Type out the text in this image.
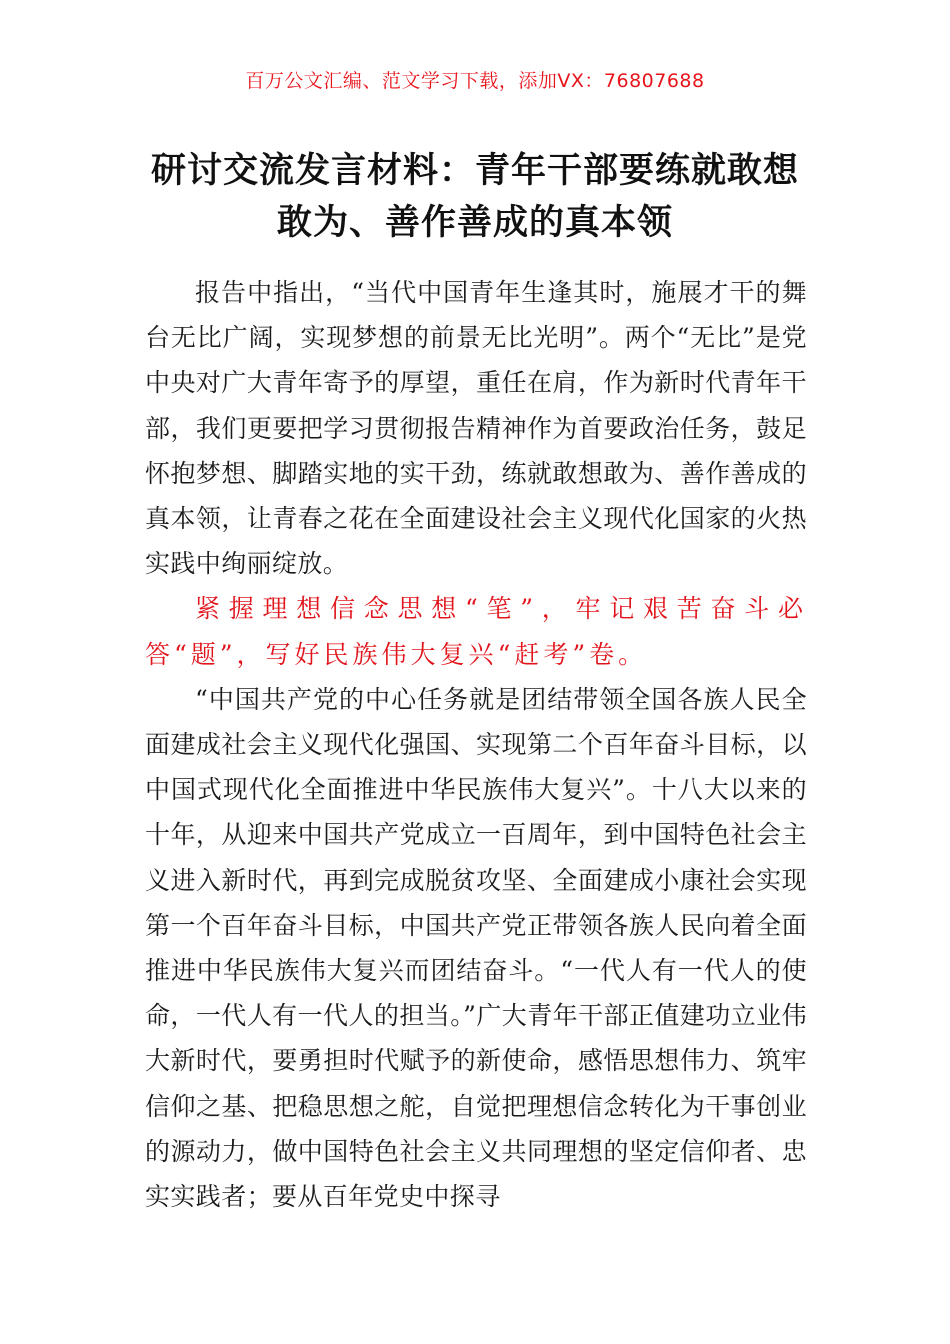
百万公文汇编、范文学习下载，添加VX：76807688
研讨交流发言材料：青年干部要练就敢想
敢为、善作善成的真本领

报告中指出，“当代中国青年生逢其时，施展才干的舞台无比广阔，实现梦想的前景无比光明”。两个“无比”是党中央对广大青年寄予的厚望，重任在肩，作为新时代青年干部，我们更要把学习贯彻报告精神作为首要政治任务，鼓足怀抱梦想、脚踏实地的实干劲，练就敢想敢为、善作善成的真本领，让青春之花在全面建设社会主义现代化国家的火热实践中绚丽绽放。

紧握理想信念思想“笔”，牢记艰苦奋斗必答“题”，写好民族伟大复兴“赶考”卷。

“中国共产党的中心任务就是团结带领全国各族人民全面建成社会主义现代化强国、实现第二个百年奋斗目标，以中国式现代化全面推进中华民族伟大复兴”。十八大以来的十年，从迎来中国共产党成立一百周年，到中国特色社会主义进入新时代，再到完成脱贫攻坚、全面建成小康社会实现第一个百年奋斗目标，中国共产党正带领各族人民向着全面推进中华民族伟大复兴而团结奋斗。“一代人有一代人的使命，一代人有一代人的担当。”广大青年干部正值建功立业伟大新时代，要勇担时代赋予的新使命，感悟思想伟力、筑牢信仰之基、把稳思想之舵，自觉把理想信念转化为干事创业的源动力，做中国特色社会主义共同理想的坚定信仰者、忠实实践者；要从百年党史中探寻
